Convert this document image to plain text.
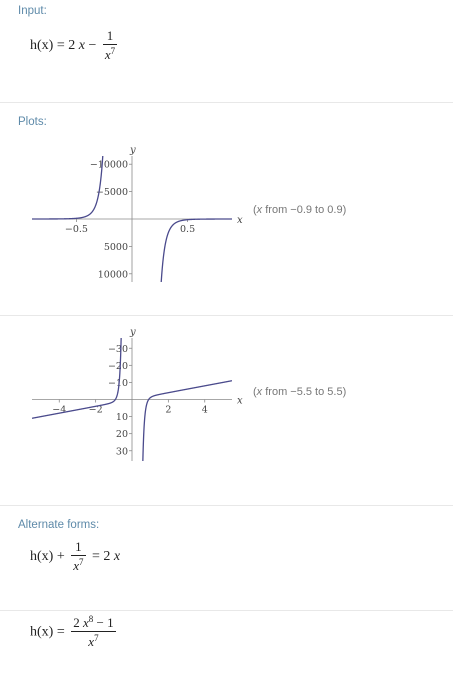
Input:
h(x) = 2 $x - \frac{1}{x^7}$
Plots:
x
y
10000
5000
−5000
−10000
−0.5	0.5
(x from −0.9 to 0.9)
x
y
30
20
10
−10
−20
−30
−4 −2	2	4
(x from −5.5 to 5.5)
Alternate forms:
$h(x) + \frac{1}{x^7} = 2$ x
$h(x) = \frac{2 x^8 - 1}{x^7}$
